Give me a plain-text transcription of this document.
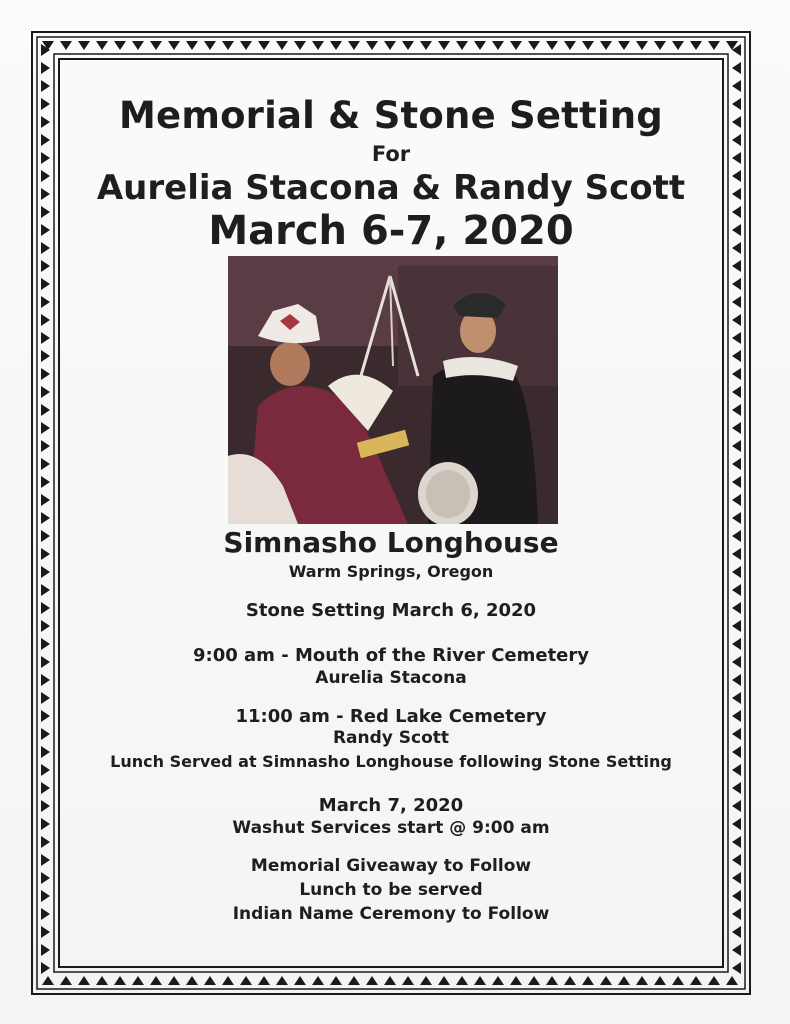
Memorial & Stone Setting
For
Aurelia Stacona & Randy Scott
March 6-7, 2020
Simnasho Longhouse
Warm Springs, Oregon
Stone Setting March 6, 2020
9:00 am - Mouth of the River Cemetery
Aurelia Stacona
11:00 am - Red Lake Cemetery
Randy Scott
Lunch Served at Simnasho Longhouse following Stone Setting
March 7, 2020
Washut Services start @ 9:00 am
Memorial Giveaway to Follow
Lunch to be served
Indian Name Ceremony to Follow
